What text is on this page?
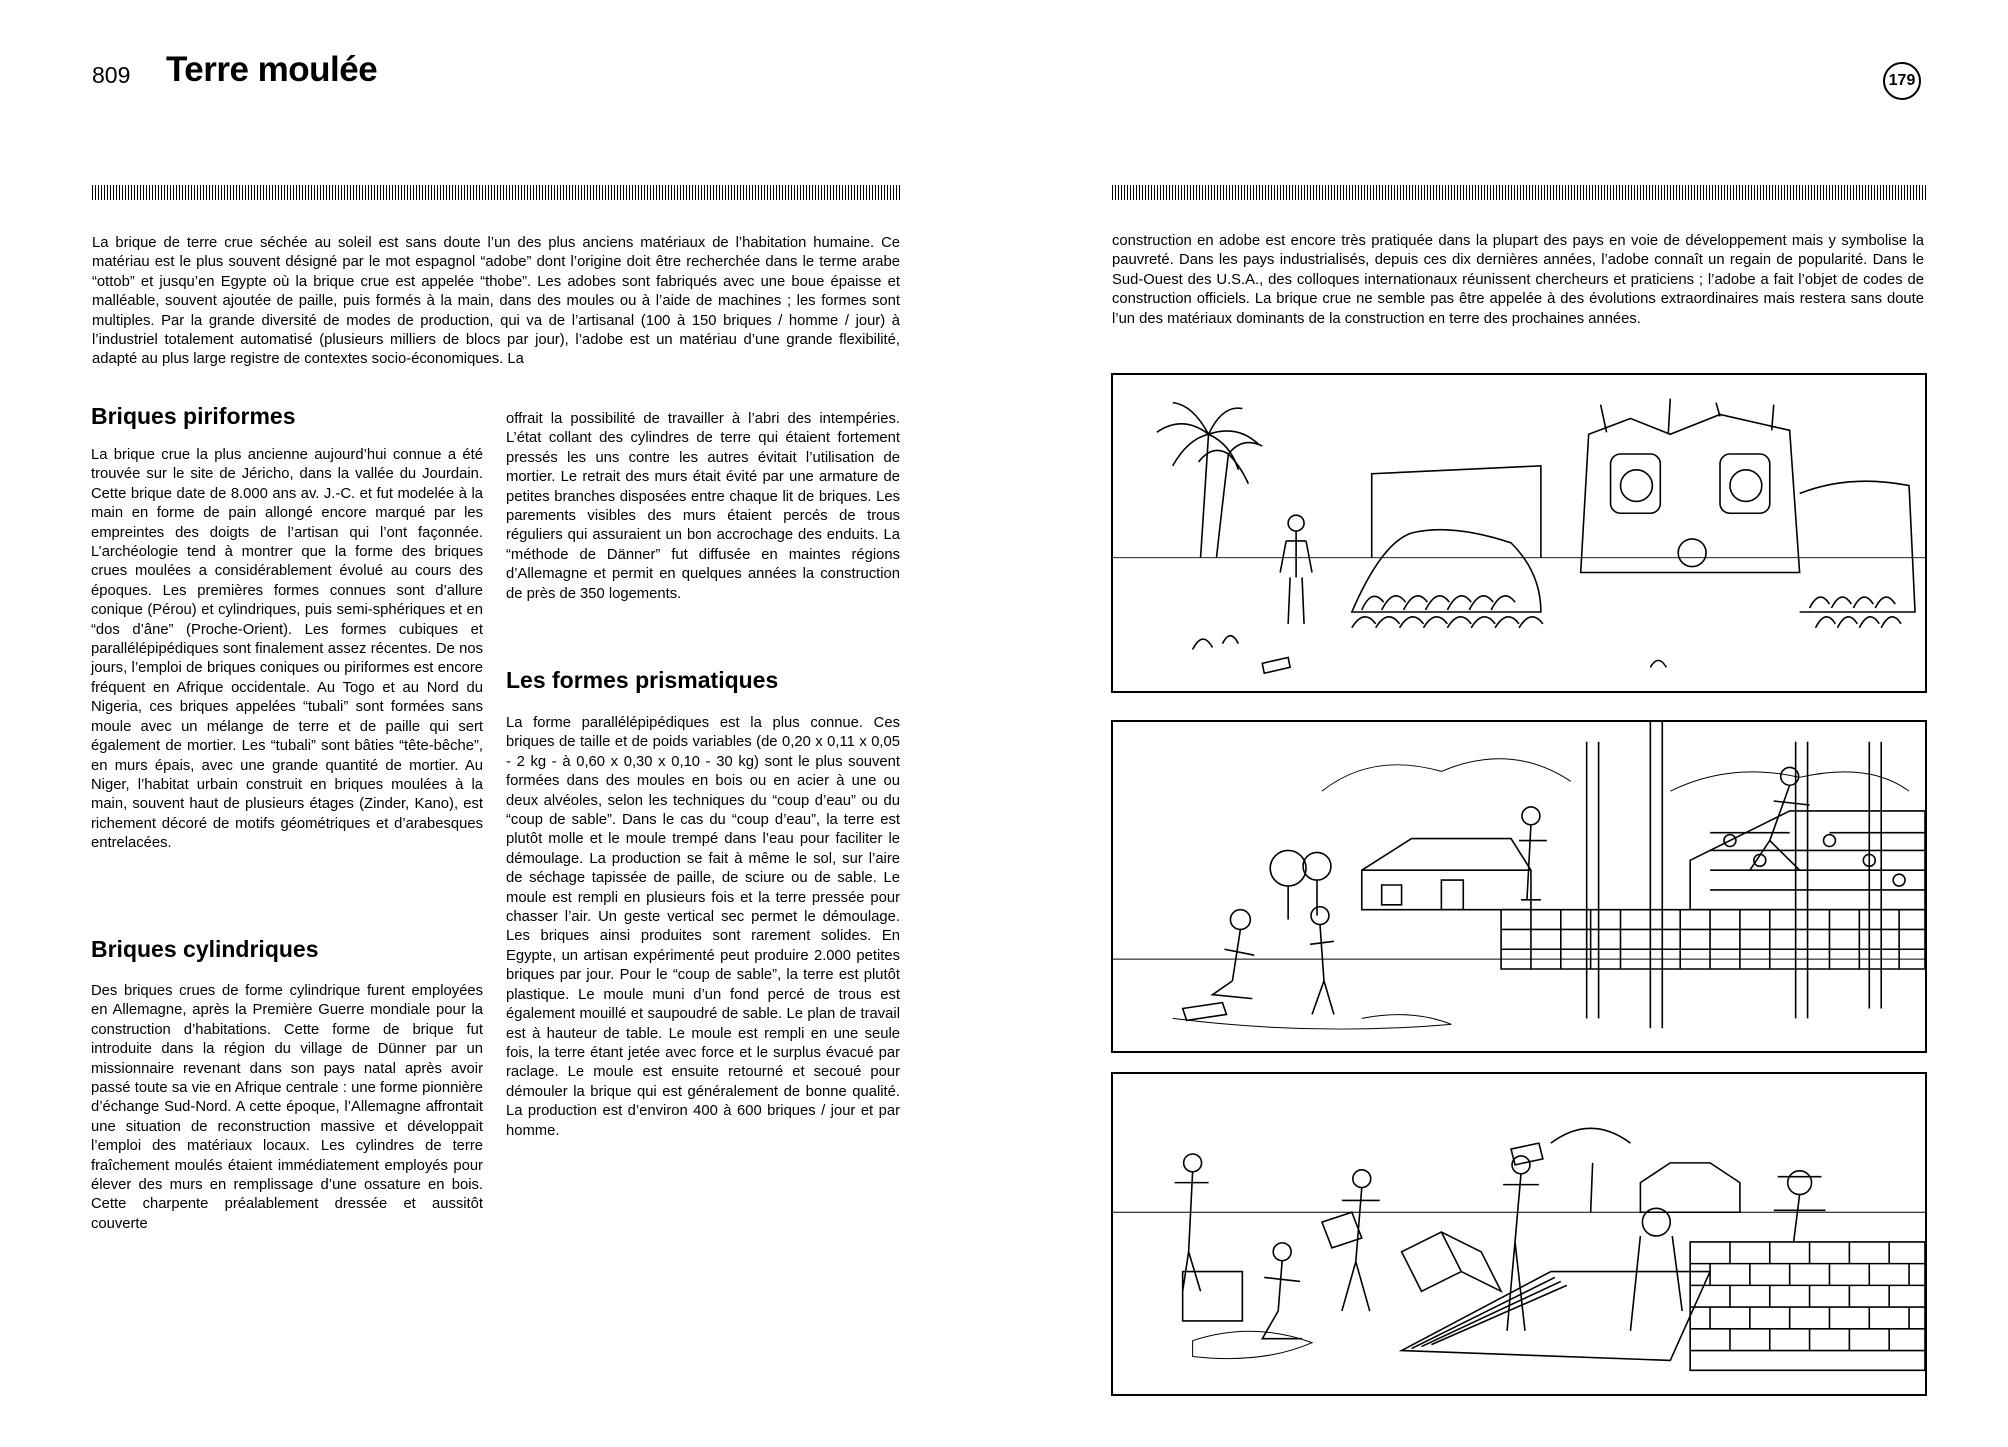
809 Terre moulée	179
La brique de terre crue séchée au soleil est sans doute l’un des plus anciens matériaux de l’habitation humaine. Ce matériau est le plus souvent désigné par le mot espagnol “adobe” dont l’origine doit être recherchée dans le terme arabe “ottob” et jusqu’en Egypte où la brique crue est appelée “thobe”. Les adobes sont fabriqués avec une boue épaisse et malléable, souvent ajoutée de paille, puis formés à la main, dans des moules ou à l’aide de machines ; les formes sont multiples. Par la grande diversité de modes de production, qui va de l’artisanal (100 à 150 briques / homme / jour) à l’industriel totalement automatisé (plusieurs milliers de blocs par jour), l’adobe est un matériau d’une grande flexibilité, adapté au plus large registre de contextes socio-économiques. La
construction en adobe est encore très pratiquée dans la plupart des pays en voie de développement mais y symbolise la pauvreté. Dans les pays industrialisés, depuis ces dix dernières années, l’adobe connaît un regain de popularité. Dans le Sud-Ouest des U.S.A., des colloques internationaux réunissent chercheurs et praticiens ; l’adobe a fait l’objet de codes de construction officiels. La brique crue ne semble pas être appelée à des évolutions extraordinaires mais restera sans doute l’un des matériaux dominants de la construction en terre des prochaines années.
Briques piriformes
La brique crue la plus ancienne aujourd’hui connue a été trouvée sur le site de Jéricho, dans la vallée du Jourdain. Cette brique date de 8.000 ans av. J.-C. et fut modelée à la main en forme de pain allongé encore marqué par les empreintes des doigts de l’artisan qui l’ont façonnée. L’archéologie tend à montrer que la forme des briques crues moulées a considérablement évolué au cours des époques. Les premières formes connues sont d’allure conique (Pérou) et cylindriques, puis semi-sphériques et en “dos d’âne” (Proche-Orient). Les formes cubiques et parallélépipédiques sont finalement assez récentes. De nos jours, l’emploi de briques coniques ou piriformes est encore fréquent en Afrique occidentale. Au Togo et au Nord du Nigeria, ces briques appelées “tubali” sont formées sans moule avec un mélange de terre et de paille qui sert également de mortier. Les “tubali” sont bâties “tête-bêche”, en murs épais, avec une grande quantité de mortier. Au Niger, l’habitat urbain construit en briques moulées à la main, souvent haut de plusieurs étages (Zinder, Kano), est richement décoré de motifs géométriques et d’arabesques entrelacées.
Briques cylindriques
Des briques crues de forme cylindrique furent employées en Allemagne, après la Première Guerre mondiale pour la construction d’habitations. Cette forme de brique fut introduite dans la région du village de Dünner par un missionnaire revenant dans son pays natal après avoir passé toute sa vie en Afrique centrale : une forme pionnière d’échange Sud-Nord. A cette époque, l’Allemagne affrontait une situation de reconstruction massive et développait l’emploi des matériaux locaux. Les cylindres de terre fraîchement moulés étaient immédiatement employés pour élever des murs en remplissage d’une ossature en bois. Cette charpente préalablement dressée et aussitôt couverte
offrait la possibilité de travailler à l’abri des intempéries. L’état collant des cylindres de terre qui étaient fortement pressés les uns contre les autres évitait l’utilisation de mortier. Le retrait des murs était évité par une armature de petites branches disposées entre chaque lit de briques. Les parements visibles des murs étaient percés de trous réguliers qui assuraient un bon accrochage des enduits. La “méthode de Dänner” fut diffusée en maintes régions d’Allemagne et permit en quelques années la construction de près de 350 logements.
Les formes prismatiques
La forme parallélépipédiques est la plus connue. Ces briques de taille et de poids variables (de 0,20 x 0,11 x 0,05 - 2 kg - à 0,60 x 0,30 x 0,10 - 30 kg) sont le plus souvent formées dans des moules en bois ou en acier à une ou deux alvéoles, selon les techniques du “coup d’eau” ou du “coup de sable”. Dans le cas du “coup d’eau”, la terre est plutôt molle et le moule trempé dans l’eau pour faciliter le démoulage. La production se fait à même le sol, sur l’aire de séchage tapissée de paille, de sciure ou de sable. Le moule est rempli en plusieurs fois et la terre pressée pour chasser l’air. Un geste vertical sec permet le démoulage. Les briques ainsi produites sont rarement solides. En Egypte, un artisan expérimenté peut produire 2.000 petites briques par jour. Pour le “coup de sable”, la terre est plutôt plastique. Le moule muni d’un fond percé de trous est également mouillé et saupoudré de sable. Le plan de travail est à hauteur de table. Le moule est rempli en une seule fois, la terre étant jetée avec force et le surplus évacué par raclage. Le moule est ensuite retourné et secoué pour démouler la brique qui est généralement de bonne qualité. La production est d’environ 400 à 600 briques / jour et par homme.
